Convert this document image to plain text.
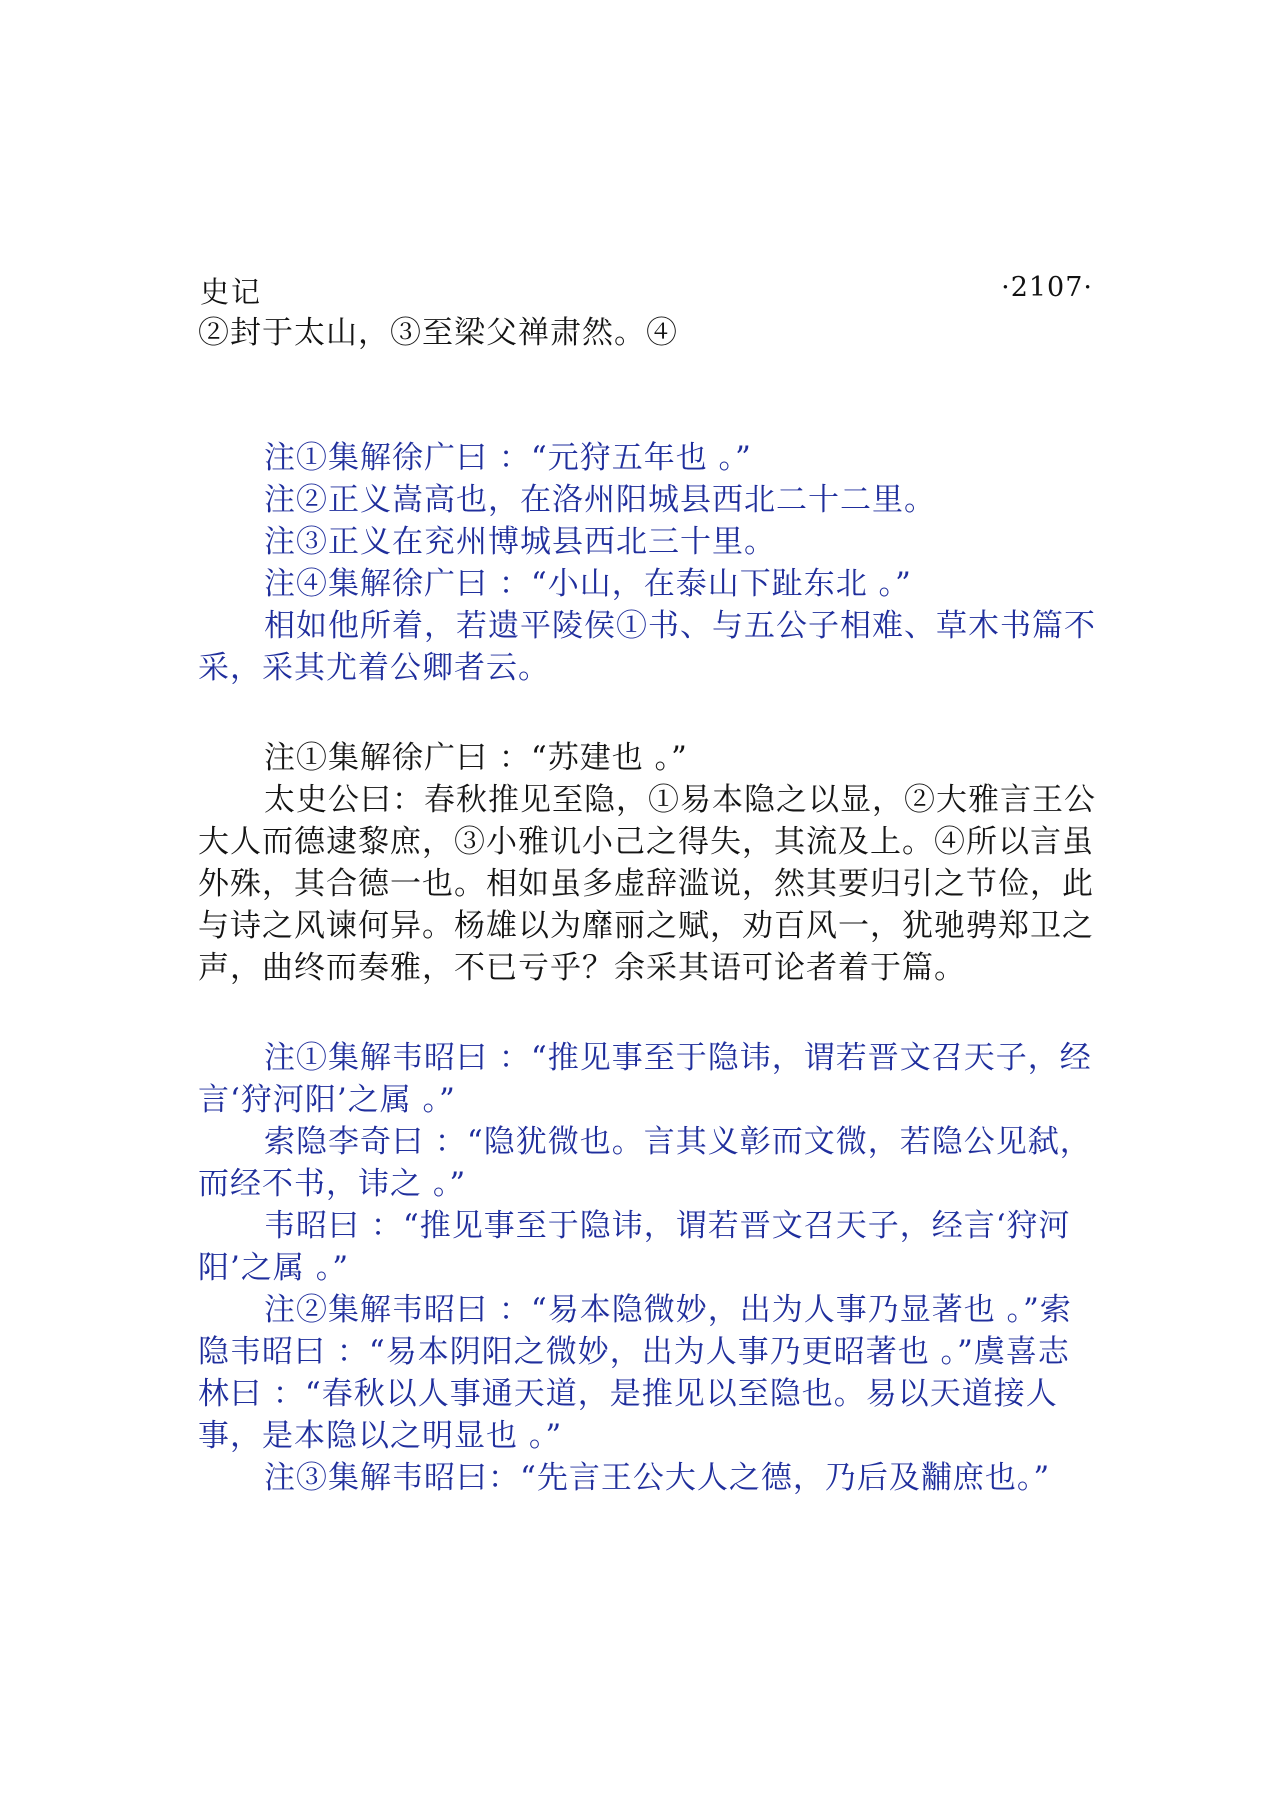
史记	·2107·

②封于太山，③至梁父禅肃然。④

注①集解徐广曰 ：“元狩五年也 。”

注②正义嵩高也，在洛州阳城县西北二十二里。

注③正义在兖州博城县西北三十里。

注④集解徐广曰 ：“小山，在泰山下趾东北 。”

相如他所着，若遗平陵侯①书、与五公子相难、草木书篇不采，采其尤着公卿者云。

注①集解徐广曰 ：“苏建也 。”

太史公曰：春秋推见至隐，①易本隐之以显，②大雅言王公大人而德逮黎庶，③小雅讥小己之得失，其流及上。④所以言虽外殊，其合德一也。相如虽多虚辞滥说，然其要归引之节俭，此与诗之风谏何异。杨雄以为靡丽之赋，劝百风一，犹驰骋郑卫之声，曲终而奏雅，不已亏乎？余采其语可论者着于篇。

注①集解韦昭曰 ：“推见事至于隐讳，谓若晋文召天子，经言‘狩河阳’之属 。”

索隐李奇曰 ：“隐犹微也。言其义彰而文微，若隐公见弑，而经不书，讳之 。”

韦昭曰 ：“推见事至于隐讳，谓若晋文召天子，经言‘狩河阳’之属 。”

注②集解韦昭曰 ：“易本隐微妙，出为人事乃显著也 。”索隐韦昭曰 ：“易本阴阳之微妙，出为人事乃更昭著也 。”虞喜志林曰 ：“春秋以人事通天道，是推见以至隐也。易以天道接人事，是本隐以之明显也 。”

注③集解韦昭曰：“先言王公大人之德，乃后及黼庶也。”
